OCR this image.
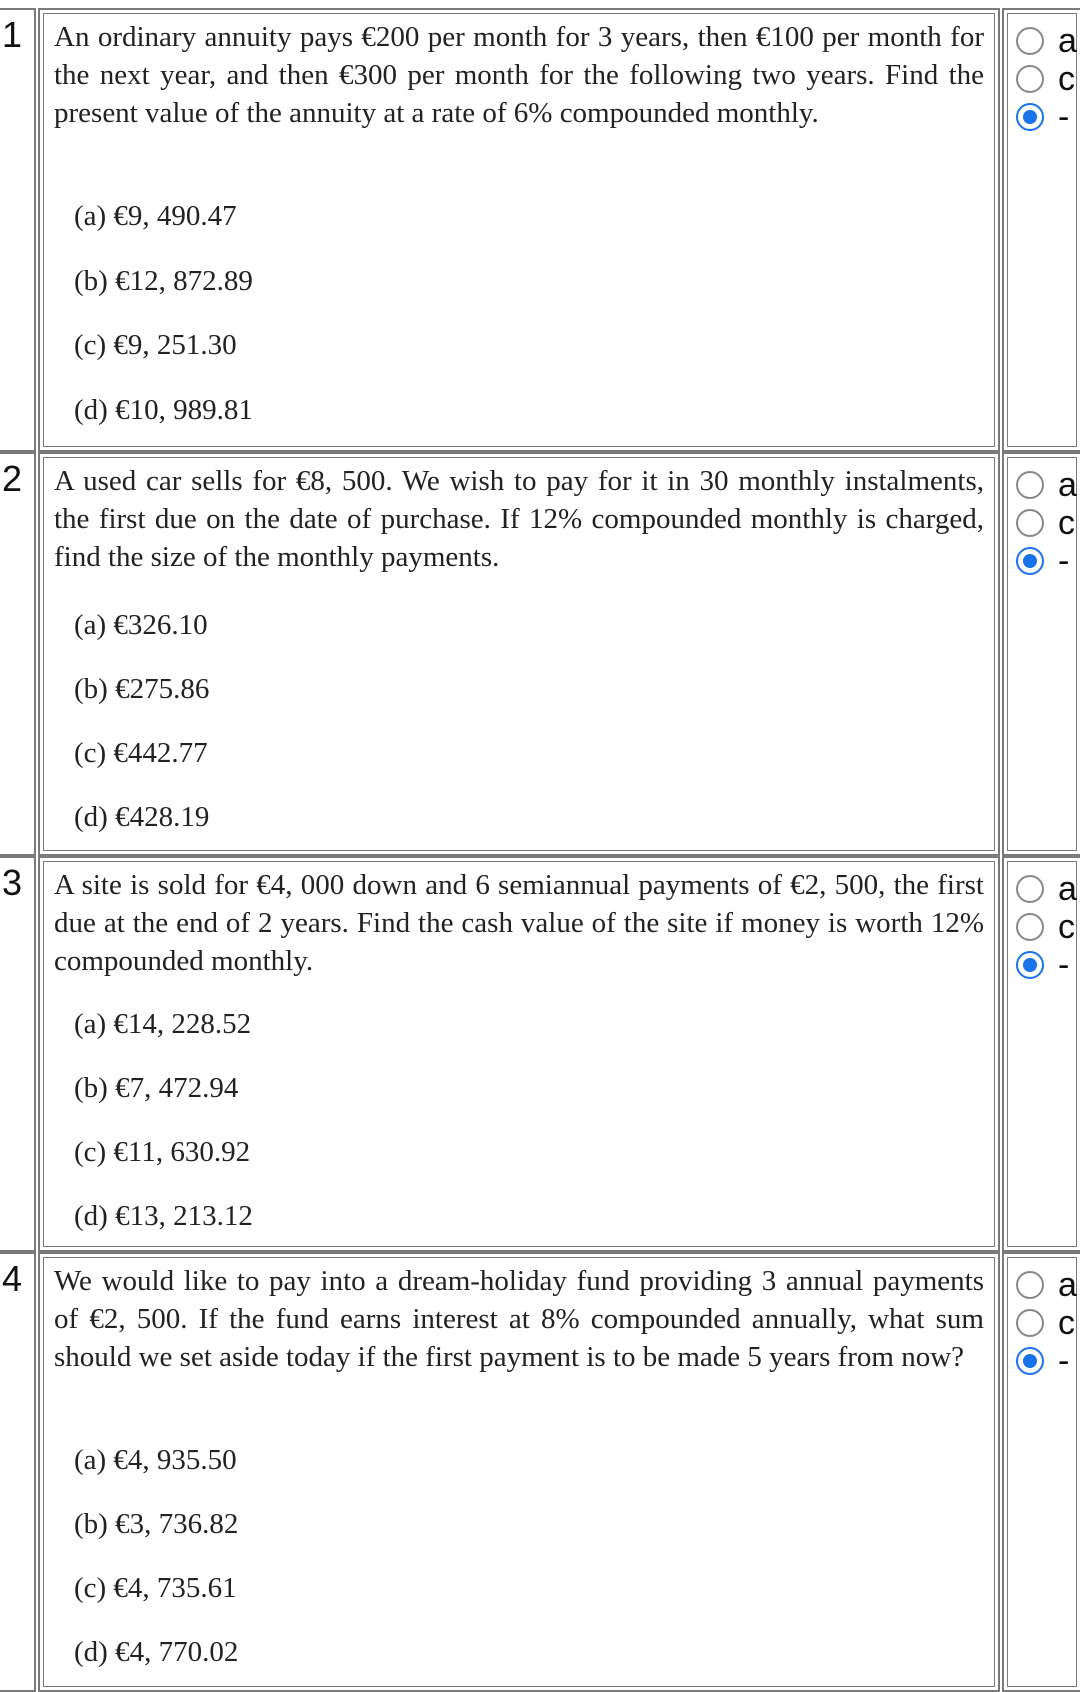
1	An ordinary annuity pays €200 per month for 3 years, then €100 per month for the next year, and then €300 per month for the following two years. Find the present value of the annuity at a rate of 6% compounded monthly.
(a) €9, 490.47
(b) €12, 872.89
(c) €9, 251.30
(d) €10, 989.81
a
c
-
2	A used car sells for €8, 500. We wish to pay for it in 30 monthly instalments, the first due on the date of purchase. If 12% compounded monthly is charged, find the size of the monthly payments.
(a) €326.10
(b) €275.86
(c) €442.77
(d) €428.19
a
c
-
3	A site is sold for €4, 000 down and 6 semiannual payments of €2, 500, the first due at the end of 2 years. Find the cash value of the site if money is worth 12% compounded monthly.
(a) €14, 228.52
(b) €7, 472.94
(c) €11, 630.92
(d) €13, 213.12
a
c
-
4	We would like to pay into a dream-holiday fund providing 3 annual payments of €2, 500. If the fund earns interest at 8% compounded annually, what sum should we set aside today if the first payment is to be made 5 years from now?
(a) €4, 935.50
(b) €3, 736.82
(c) €4, 735.61
(d) €4, 770.02
a
c
-
